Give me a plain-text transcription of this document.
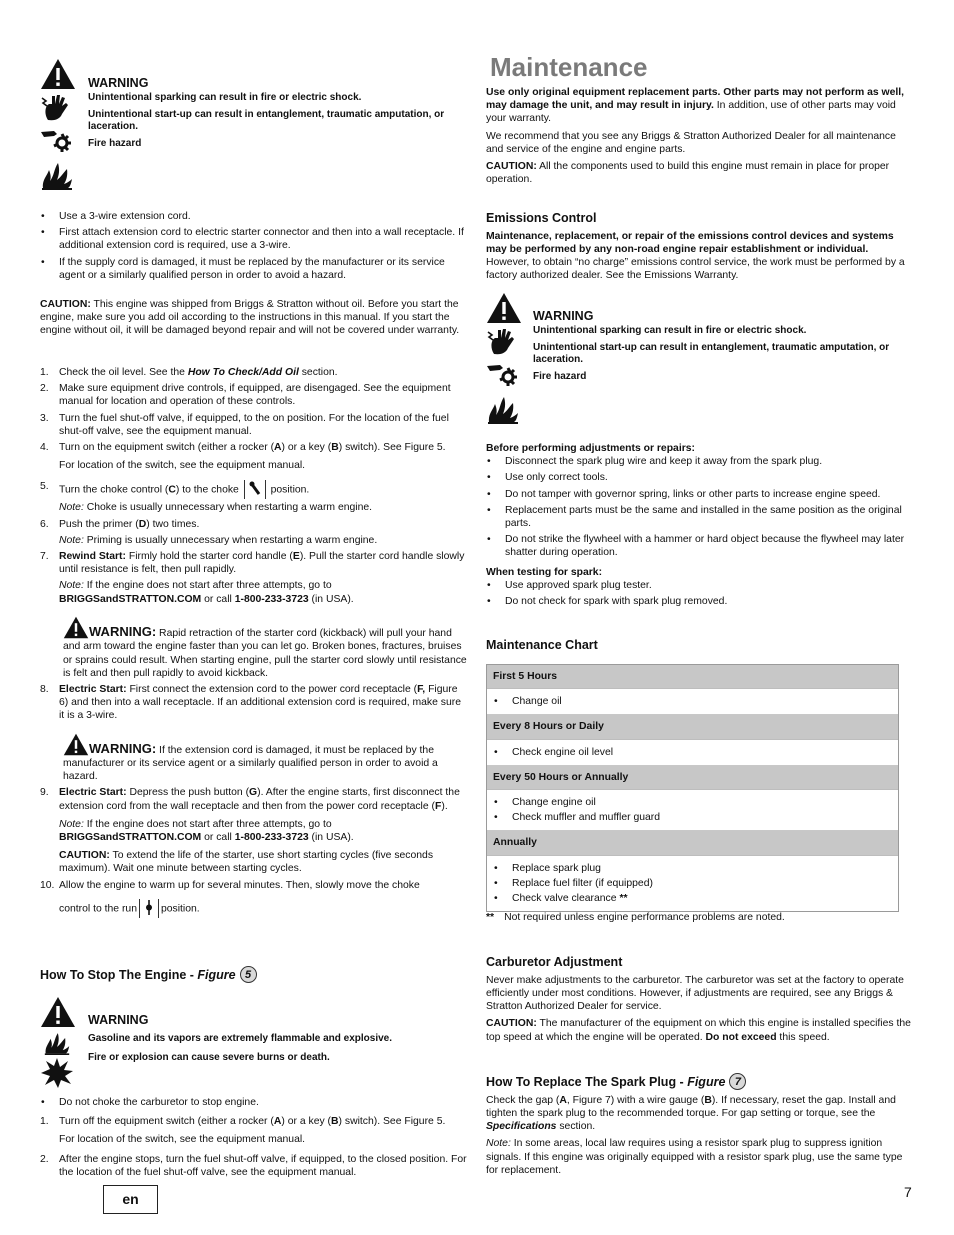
WARNING
Unintentional sparking can result in fire or electric shock.
Unintentional start-up can result in entanglement, traumatic amputation, or laceration.
Fire hazard
• Use a 3-wire extension cord.
• First attach extension cord to electric starter connector and then into a wall receptacle. If additional extension cord is required, use a 3-wire.
• If the supply cord is damaged, it must be replaced by the manufacturer or its service agent or a similarly qualified person in order to avoid a hazard.

CAUTION: This engine was shipped from Briggs & Stratton without oil. Before you start the engine, make sure you add oil according to the instructions in this manual. If you start the engine without oil, it will be damaged beyond repair and will not be covered under warranty.

1. Check the oil level. See the How To Check/Add Oil section.
2. Make sure equipment drive controls, if equipped, are disengaged. See the equipment manual for location and operation of these controls.
3. Turn the fuel shut-off valve, if equipped, to the on position. For the location of the fuel shut-off valve, see the equipment manual.
4. Turn on the equipment switch (either a rocker (A) or a key (B) switch). See Figure 5.

For location of the switch, see the equipment manual.

5. Turn the choke control (C) to the choke	position.

Note: Choke is usually unnecessary when restarting a warm engine.

6. Push the primer (D) two times.

Note: Priming is usually unnecessary when restarting a warm engine.

7. Rewind Start: Firmly hold the starter cord handle (E). Pull the starter cord handle slowly until resistance is felt, then pull rapidly.

Note: If the engine does not start after three attempts, go to
BRIGGSandSTRATTON.COM or call 1-800-233-3723 (in USA).

WARNING: Rapid retraction of the starter cord (kickback) will pull your hand and arm toward the engine faster than you can let go. Broken bones, fractures, bruises or sprains could result. When starting engine, pull the starter cord slowly until resistance is felt and then pull rapidly to avoid kickback.

8. Electric Start: First connect the extension cord to the power cord receptacle (F, Figure 6) and then into a wall receptacle. If an additional extension cord is required, make sure it is a 3-wire.

WARNING: If the extension cord is damaged, it must be replaced by the manufacturer or its service agent or a similarly qualified person in order to avoid a hazard.

9. Electric Start: Depress the push button (G). After the engine starts, first disconnect the extension cord from the wall receptacle and then from the power cord receptacle (F).

Note: If the engine does not start after three attempts, go to
BRIGGSandSTRATTON.COM or call 1-800-233-3723 (in USA).

CAUTION: To extend the life of the starter, use short starting cycles (five seconds maximum). Wait one minute between starting cycles.

10. Allow the engine to warm up for several minutes. Then, slowly move the choke

control to the run position.

How To Stop The Engine - Figure 5
WARNING
Gasoline and its vapors are extremely flammable and explosive.
Fire or explosion can cause severe burns or death.
• Do not choke the carburetor to stop engine.
1. Turn off the equipment switch (either a rocker (A) or a key (B) switch). See Figure 5.

For location of the switch, see the equipment manual.

2. After the engine stops, turn the fuel shut-off valve, if equipped, to the closed position. For the location of the fuel shut-off valve, see the equipment manual.
Maintenance

Use only original equipment replacement parts. Other parts may not perform as well, may damage the unit, and may result in injury. In addition, use of other parts may void your warranty.

We recommend that you see any Briggs & Stratton Authorized Dealer for all maintenance and service of the engine and engine parts.

CAUTION: All the components used to build this engine must remain in place for proper operation.

Emissions Control

Maintenance, replacement, or repair of the emissions control devices and systems may be performed by any non-road engine repair establishment or individual. However, to obtain “no charge” emissions control service, the work must be performed by a factory authorized dealer. See the Emissions Warranty.

WARNING
Unintentional sparking can result in fire or electric shock.
Unintentional start-up can result in entanglement, traumatic amputation, or laceration.
Fire hazard

Before performing adjustments or repairs:

• Disconnect the spark plug wire and keep it away from the spark plug.
• Use only correct tools.
• Do not tamper with governor spring, links or other parts to increase engine speed.
• Replacement parts must be the same and installed in the same position as the original parts.
• Do not strike the flywheel with a hammer or hard object because the flywheel may later shatter during operation.

When testing for spark:

• Use approved spark plug tester.
• Do not check for spark with spark plug removed.
Maintenance Chart
First 5 Hours
• Change oil
Every 8 Hours or Daily
• Check engine oil level
Every 50 Hours or Annually
• Change engine oil
• Check muffler and muffler guard
Annually
• Replace spark plug
• Replace fuel filter (if equipped)
• Check valve clearance **
** Not required unless engine performance problems are noted.
Carburetor Adjustment

Never make adjustments to the carburetor. The carburetor was set at the factory to operate efficiently under most conditions. However, if adjustments are required, see any Briggs & Stratton Authorized Dealer for service.

CAUTION: The manufacturer of the equipment on which this engine is installed specifies the top speed at which the engine will be operated. Do not exceed this speed.

How To Replace The Spark Plug - Figure 7

Check the gap (A, Figure 7) with a wire gauge (B). If necessary, reset the gap. Install and tighten the spark plug to the recommended torque. For gap setting or torque, see the Specifications section.

Note: In some areas, local law requires using a resistor spark plug to suppress ignition signals. If this engine was originally equipped with a resistor spark plug, use the same type for replacement.

en	7
